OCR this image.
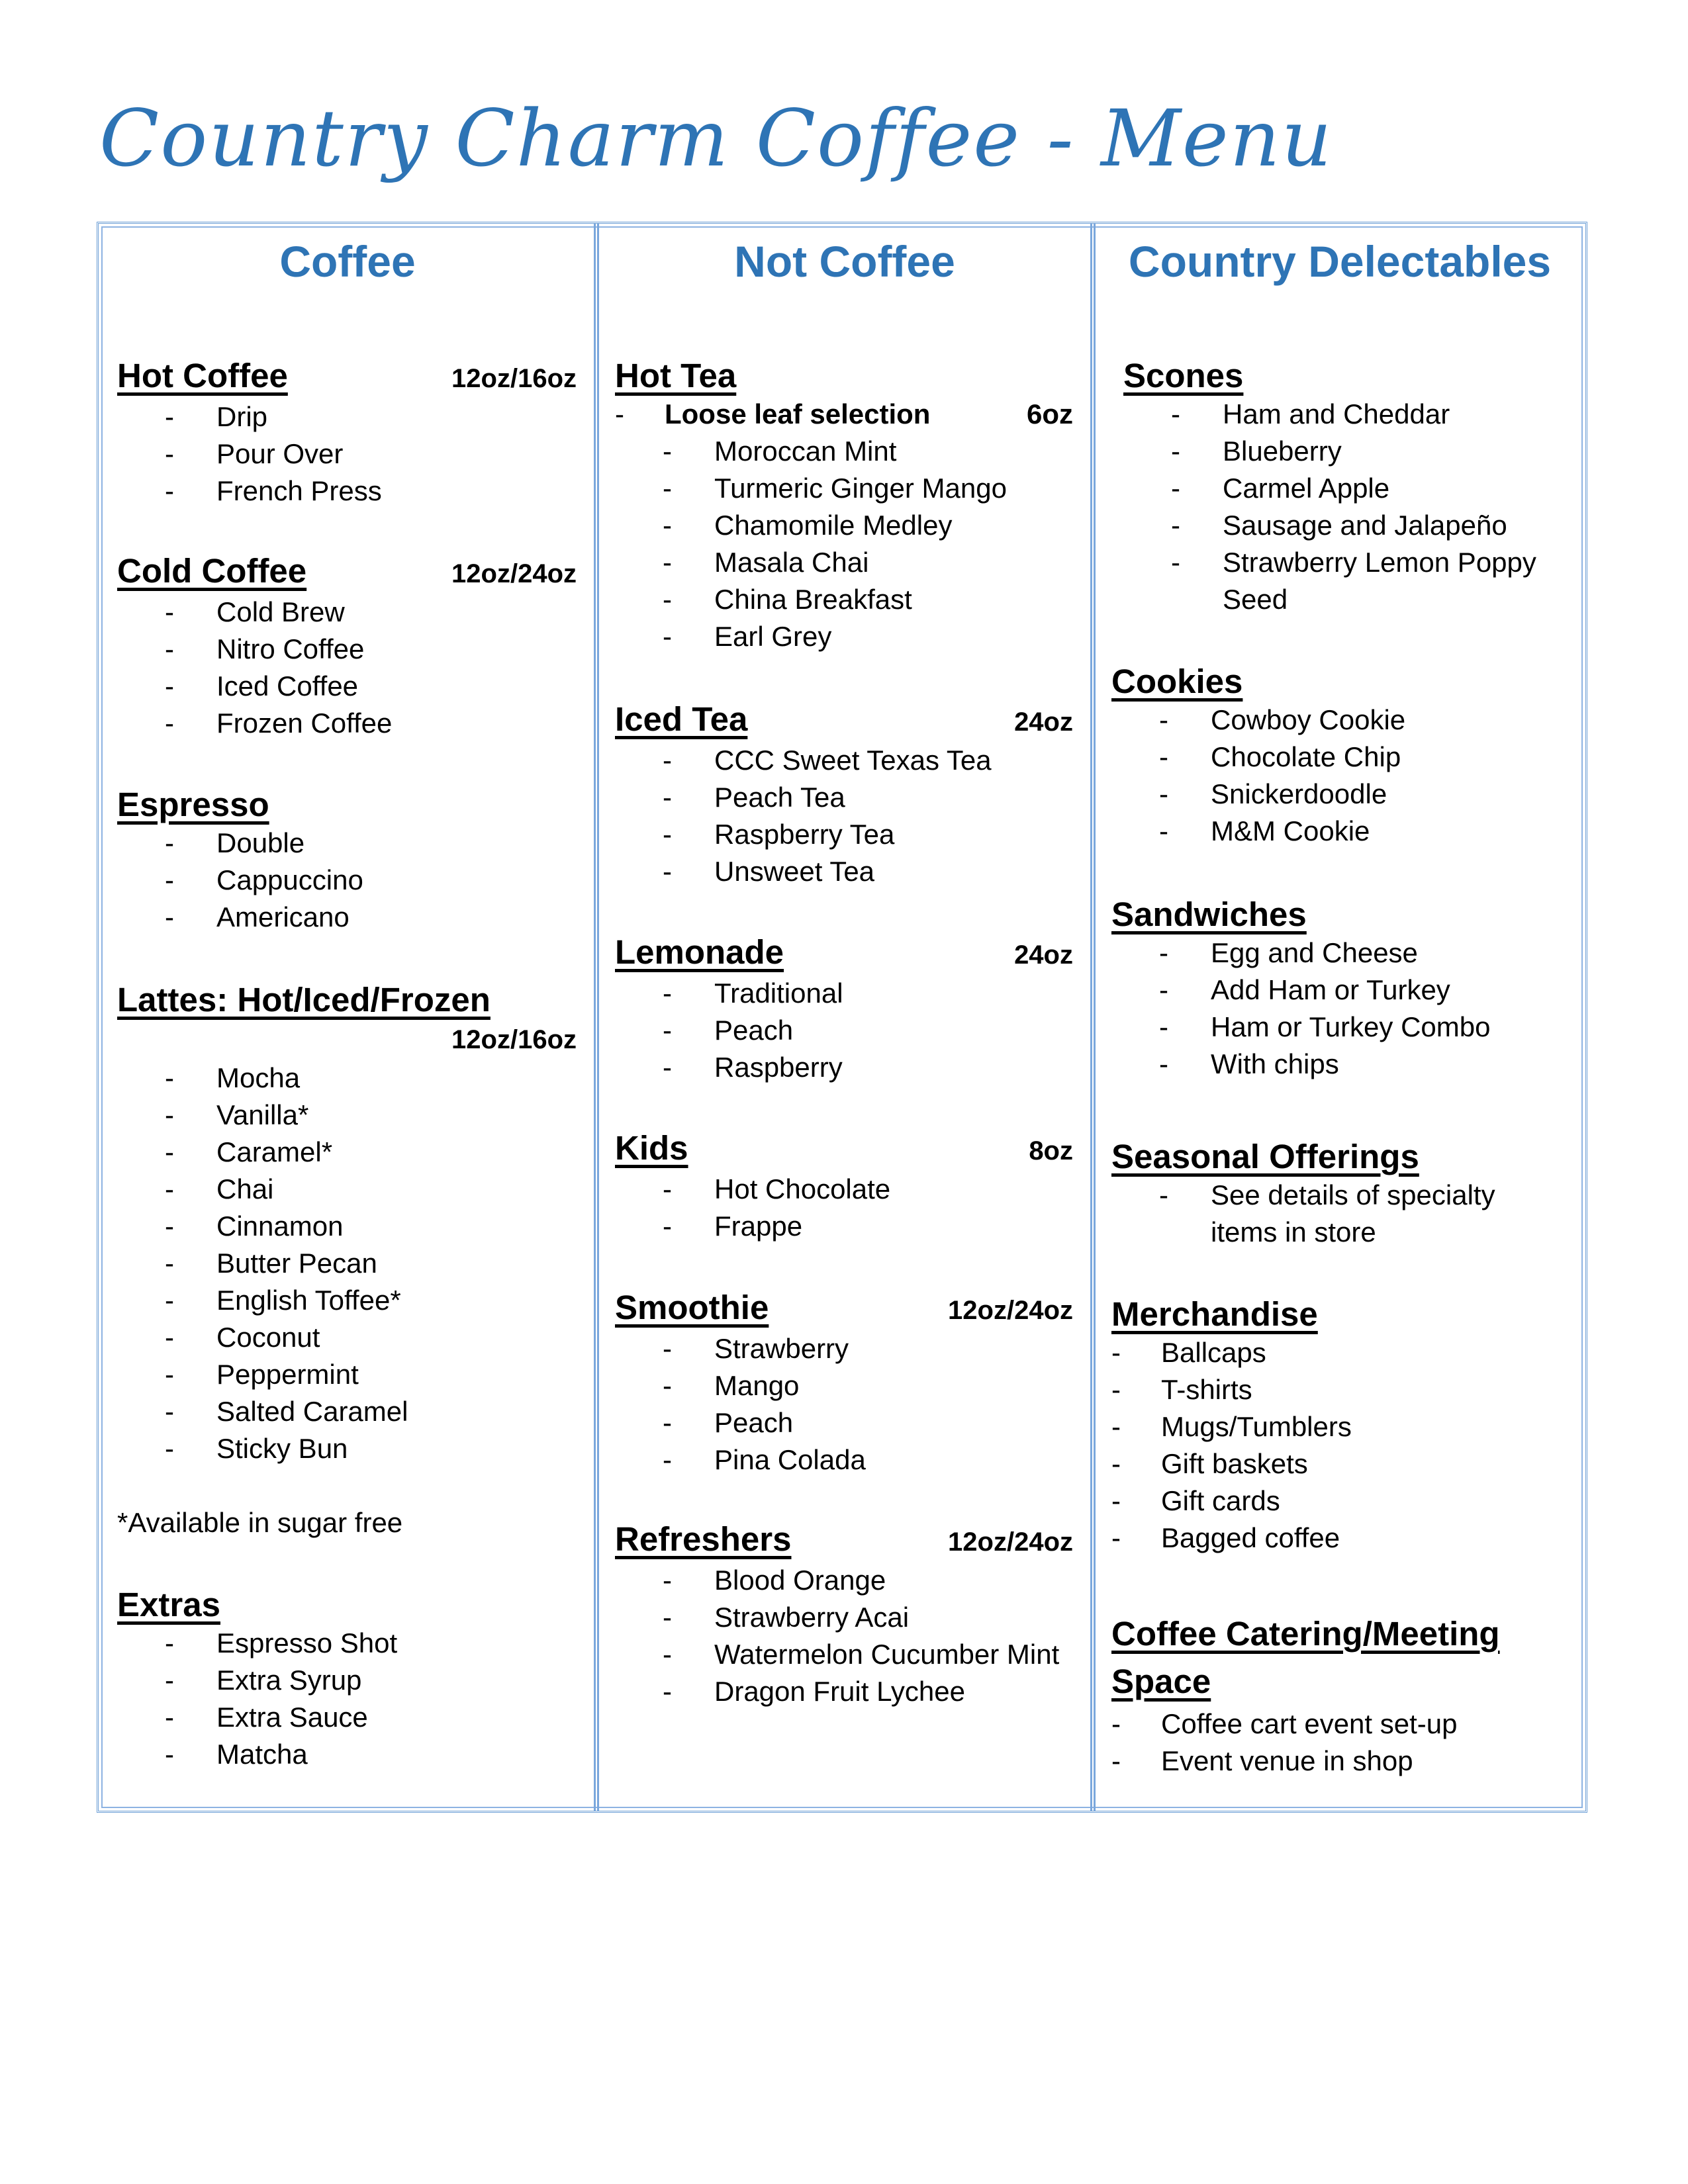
Country Charm Coffee - Menu
Coffee
Hot Coffee	12oz/16oz
- Drip
- Pour Over
- French Press
Cold Coffee	12oz/24oz
- Cold Brew
- Nitro Coffee
- Iced Coffee
- Frozen Coffee
Espresso
- Double
- Cappuccino
- Americano
Lattes: Hot/Iced/Frozen
12oz/16oz
- Mocha
- Vanilla*
- Caramel*
- Chai
- Cinnamon
- Butter Pecan
- English Toffee*
- Coconut
- Peppermint
- Salted Caramel
- Sticky Bun
*Available in sugar free
Extras
- Espresso Shot
- Extra Syrup
- Extra Sauce
- Matcha
Not Coffee
Hot Tea
- Loose leaf selection	6oz
- Moroccan Mint
- Turmeric Ginger Mango
- Chamomile Medley
- Masala Chai
- China Breakfast
- Earl Grey
Iced Tea	24oz
- CCC Sweet Texas Tea
- Peach Tea
- Raspberry Tea
- Unsweet Tea
Lemonade	24oz
- Traditional
- Peach
- Raspberry
Kids	8oz
- Hot Chocolate
- Frappe
Smoothie	12oz/24oz
- Strawberry
- Mango
- Peach
- Pina Colada
Refreshers	12oz/24oz
- Blood Orange
- Strawberry Acai
- Watermelon Cucumber Mint
- Dragon Fruit Lychee
Country Delectables
Scones
- Ham and Cheddar
- Blueberry
- Carmel Apple
- Sausage and Jalapeño
- Strawberry Lemon Poppy Seed
Cookies
- Cowboy Cookie
- Chocolate Chip
- Snickerdoodle
- M&M Cookie
Sandwiches
- Egg and Cheese
- Add Ham or Turkey
- Ham or Turkey Combo
- With chips
Seasonal Offerings
- See details of specialty items in store
Merchandise
- Ballcaps
- T-shirts
- Mugs/Tumblers
- Gift baskets
- Gift cards
- Bagged coffee
Coffee Catering/Meeting Space
- Coffee cart event set-up
- Event venue in shop
